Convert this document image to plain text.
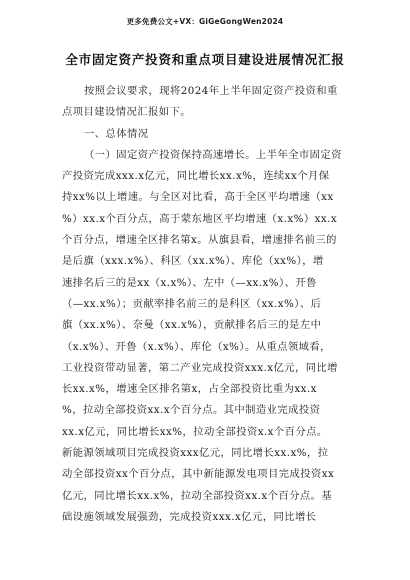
更多免费公文+VX：GiGeGongWen2024
全市固定资产投资和重点项目建设进展情况汇报
按照会议要求，现将2024年上半年固定资产投资和重
点项目建设情况汇报如下。
一、总体情况
（一）固定资产投资保持高速增长。上半年全市固定资
产投资完成xxx.x亿元，同比增长xx.x%，连续xx个月保
持xx%以上增速。与全区对比看，高于全区平均增速（xx
%）xx.x个百分点，高于蒙东地区平均增速（x.x%）xx.x
个百分点，增速全区排名第x。从旗县看，增速排名前三的
是后旗（xxx.x%）、科区（xx.x%）、库伦（xx%），增
速排名后三的是xx（x.x%）、左中（—xx.x%）、开鲁
（—xx.x%）；贡献率排名前三的是科区（xx.x%）、后
旗（xx.x%）、奈曼（xx.x%），贡献排名后三的是左中
（x.x%）、开鲁（x.x%）、库伦（x%）。从重点领域看，
工业投资带动显著，第二产业完成投资xxx.x亿元，同比增
长xx.x%，增速全区排名第x，占全部投资比重为xx.x
%，拉动全部投资xx.x个百分点。其中制造业完成投资
xx.x亿元，同比增长xx%，拉动全部投资x.x个百分点。
新能源领域项目完成投资xxx亿元，同比增长xx.x%，拉
动全部投资xx个百分点，其中新能源发电项目完成投资xx
亿元，同比增长xx.x%，拉动全部投资xx.x个百分点。基
础设施领域发展强劲，完成投资xxx.x亿元，同比增长
